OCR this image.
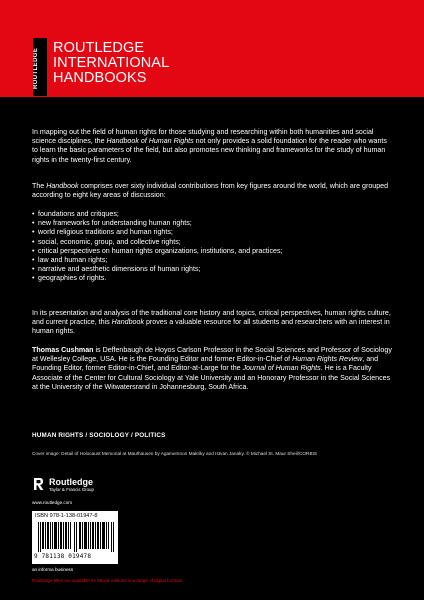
ROUTLEDGE ROUTLEDGE
INTERNATIONAL
HANDBOOKS

In mapping out the field of human rights for those studying and researching within both humanities and social science disciplines, the Handbook of Human Rights not only provides a solid foundation for the reader who wants to learn the basic parameters of the field, but also promotes new thinking and frameworks for the study of human rights in the twenty-first century.

The Handbook comprises over sixty individual contributions from key figures around the world, which are grouped according to eight key areas of discussion:

• foundations and critiques;
• new frameworks for understanding human rights;
• world religious traditions and human rights;
• social, economic, group, and collective rights;
• critical perspectives on human rights organizations, institutions, and practices;
• law and human rights;
• narrative and aesthetic dimensions of human rights;
• geographies of rights.

In its presentation and analysis of the traditional core history and topics, critical perspectives, human rights culture, and current practice, this Handbook proves a valuable resource for all students and researchers with an interest in human rights.

Thomas Cushman is Deffenbaugh de Hoyos Carlson Professor in the Social Sciences and Professor of Sociology at Wellesley College, USA. He is the Founding Editor and former Editor-in-Chief of Human Rights Review, and Founding Editor, former Editor-in-Chief, and Editor-at-Large for the Journal of Human Rights. He is a Faculty Associate of the Center for Cultural Sociology at Yale University and an Honorary Professor in the Social Sciences at the University of the Witwatersrand in Johannesburg, South Africa.

HUMAN RIGHTS / SOCIOLOGY / POLITICS
Cover image: Detail of Holocaust Memorial at Mauthausen by Agamemnon Makriky and Istvan Janaky. © Michael St. Maur Sheil/CORBIS
Routledge
Taylor & Francis Group
www.routledge.com
ISBN 978-1-138-01947-8
9 781138 019478
an informa business
Routledge titles are available as eBook editions in a range of digital formats
